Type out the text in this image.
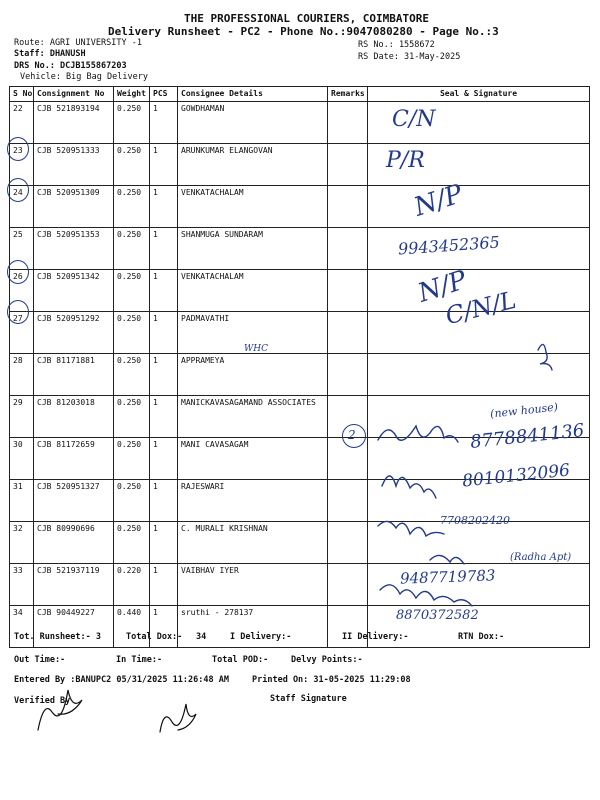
THE PROFESSIONAL COURIERS, COIMBATORE
Delivery Runsheet - PC2 - Phone No.:9047080280 - Page No.:3
Route: AGRI UNIVERSITY -1
Staff: DHANUSH
DRS No.: DCJB155867203
Vehicle: Big Bag Delivery
RS No.: 1558672
RS Date: 31-May-2025
S No	Consignment No	Weight	PCS	Consignee Details	Remarks	Seal & Signature
22	CJB 521893194	0.250	1	GOWDHAMAN		
23	CJB 520951333	0.250	1	ARUNKUMAR ELANGOVAN		
24	CJB 520951309	0.250	1	VENKATACHALAM		
25	CJB 520951353	0.250	1	SHANMUGA SUNDARAM		
26	CJB 520951342	0.250	1	VENKATACHALAM		
27	CJB 520951292	0.250	1	PADMAVATHI		
28	CJB 81171881	0.250	1	APPRAMEYA		
29	CJB 81203018	0.250	1	MANICKAVASAGAMAND ASSOCIATES		
30	CJB 81172659	0.250	1	MANI CAVASAGAM		
31	CJB 520951327	0.250	1	RAJESWARI		
32	CJB 80990696	0.250	1	C. MURALI KRISHNAN		
33	CJB 521937119	0.220	1	VAIBHAV IYER		
34	CJB 90449227	0.440	1	sruthi - 278137		
2
C/N
P/R
N/P
9943452365
N/P
C/N/L
WHC
(new house)
8778841136
8010132096
7708202420
(Radha Apt)
9487719783
8870372582
Tot. Runsheet:- 3	Total Dox:- 34	I Delivery:-	II Delivery:-	RTN Dox:-
Out Time:-	In Time:-	Total POD:-	Delvy Points:-
Entered By :BANUPC2 05/31/2025 11:26:48 AM	Printed On: 31-05-2025 11:29:08
Verified By	Staff Signature
